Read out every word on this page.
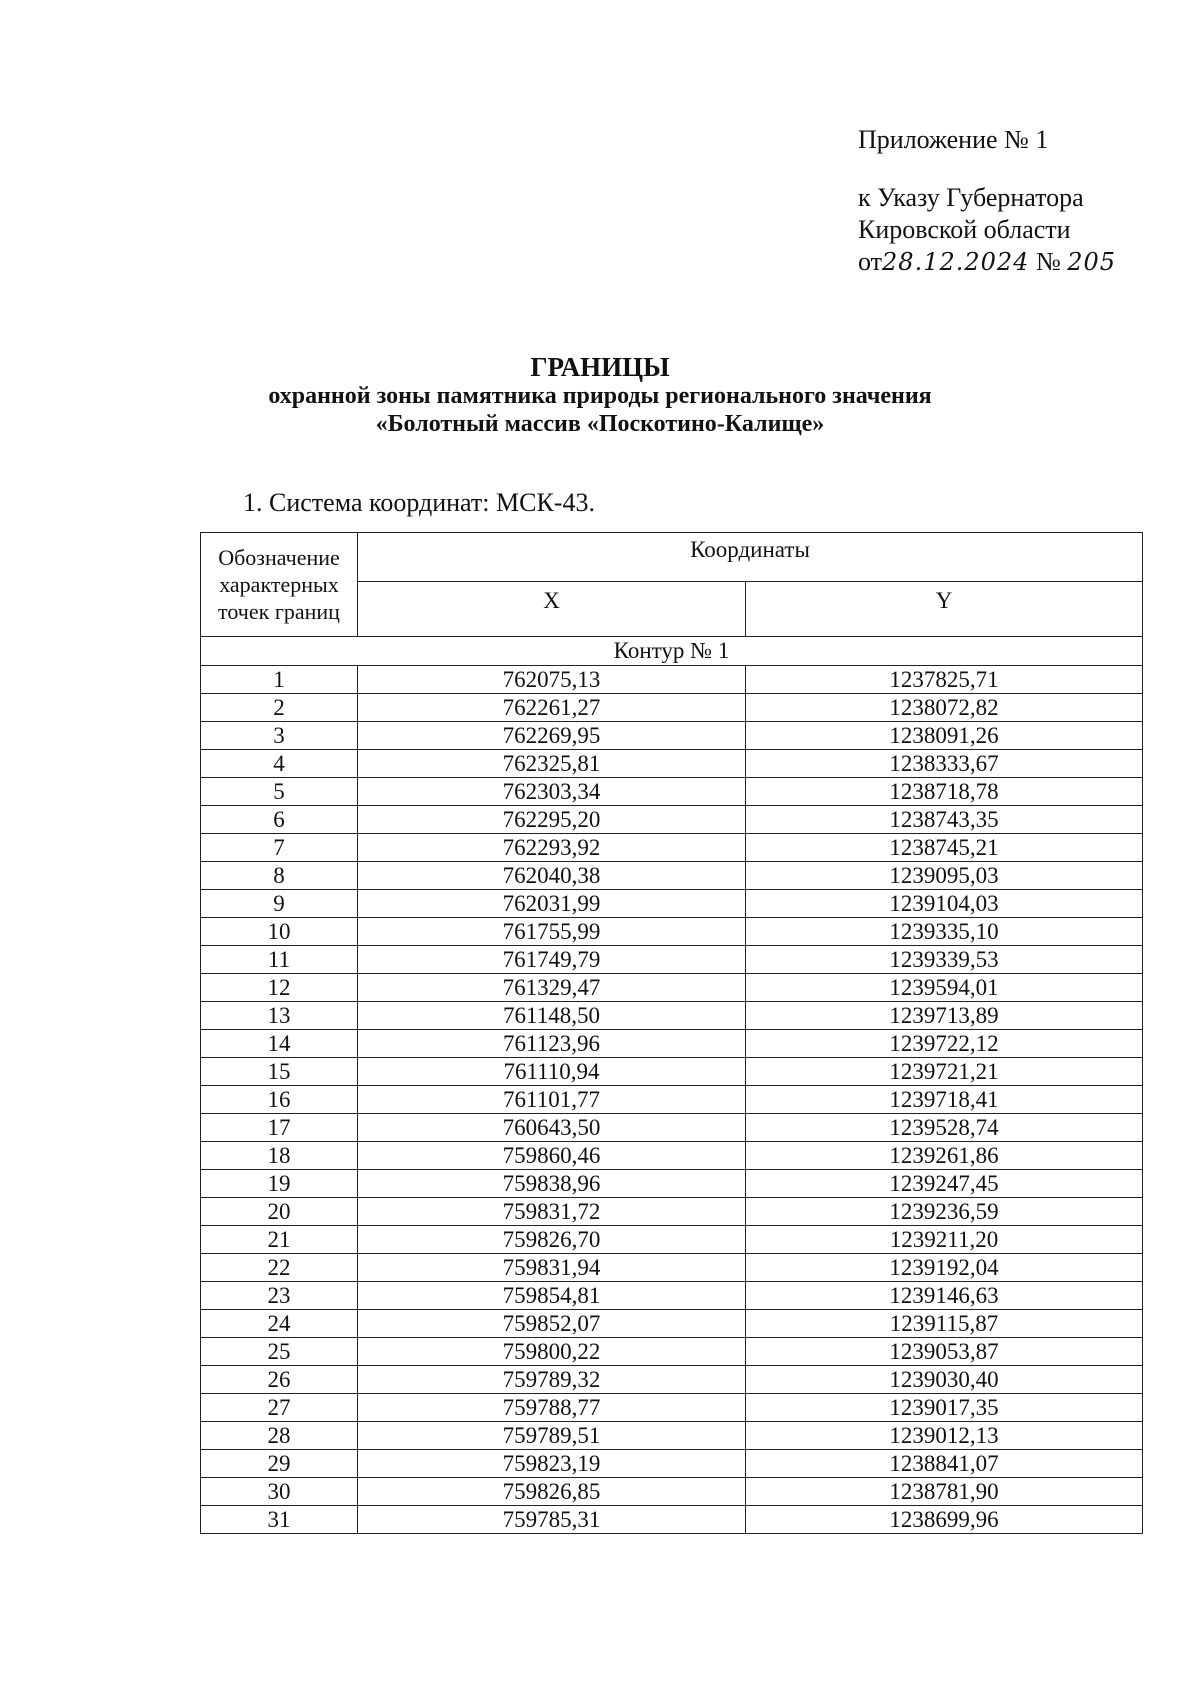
Приложение № 1
к Указу Губернатора
Кировской области
от28.12.2024 № 205
ГРАНИЦЫ
охранной зоны памятника природы регионального значения
«Болотный массив «Поскотино-Калище»
1. Система координат: МСК-43.
Обозначение характерных точек границ	Координаты	
	X	Y
Контур № 1		
1	762075,13	1237825,71
2	762261,27	1238072,82
3	762269,95	1238091,26
4	762325,81	1238333,67
5	762303,34	1238718,78
6	762295,20	1238743,35
7	762293,92	1238745,21
8	762040,38	1239095,03
9	762031,99	1239104,03
10	761755,99	1239335,10
11	761749,79	1239339,53
12	761329,47	1239594,01
13	761148,50	1239713,89
14	761123,96	1239722,12
15	761110,94	1239721,21
16	761101,77	1239718,41
17	760643,50	1239528,74
18	759860,46	1239261,86
19	759838,96	1239247,45
20	759831,72	1239236,59
21	759826,70	1239211,20
22	759831,94	1239192,04
23	759854,81	1239146,63
24	759852,07	1239115,87
25	759800,22	1239053,87
26	759789,32	1239030,40
27	759788,77	1239017,35
28	759789,51	1239012,13
29	759823,19	1238841,07
30	759826,85	1238781,90
31	759785,31	1238699,96
